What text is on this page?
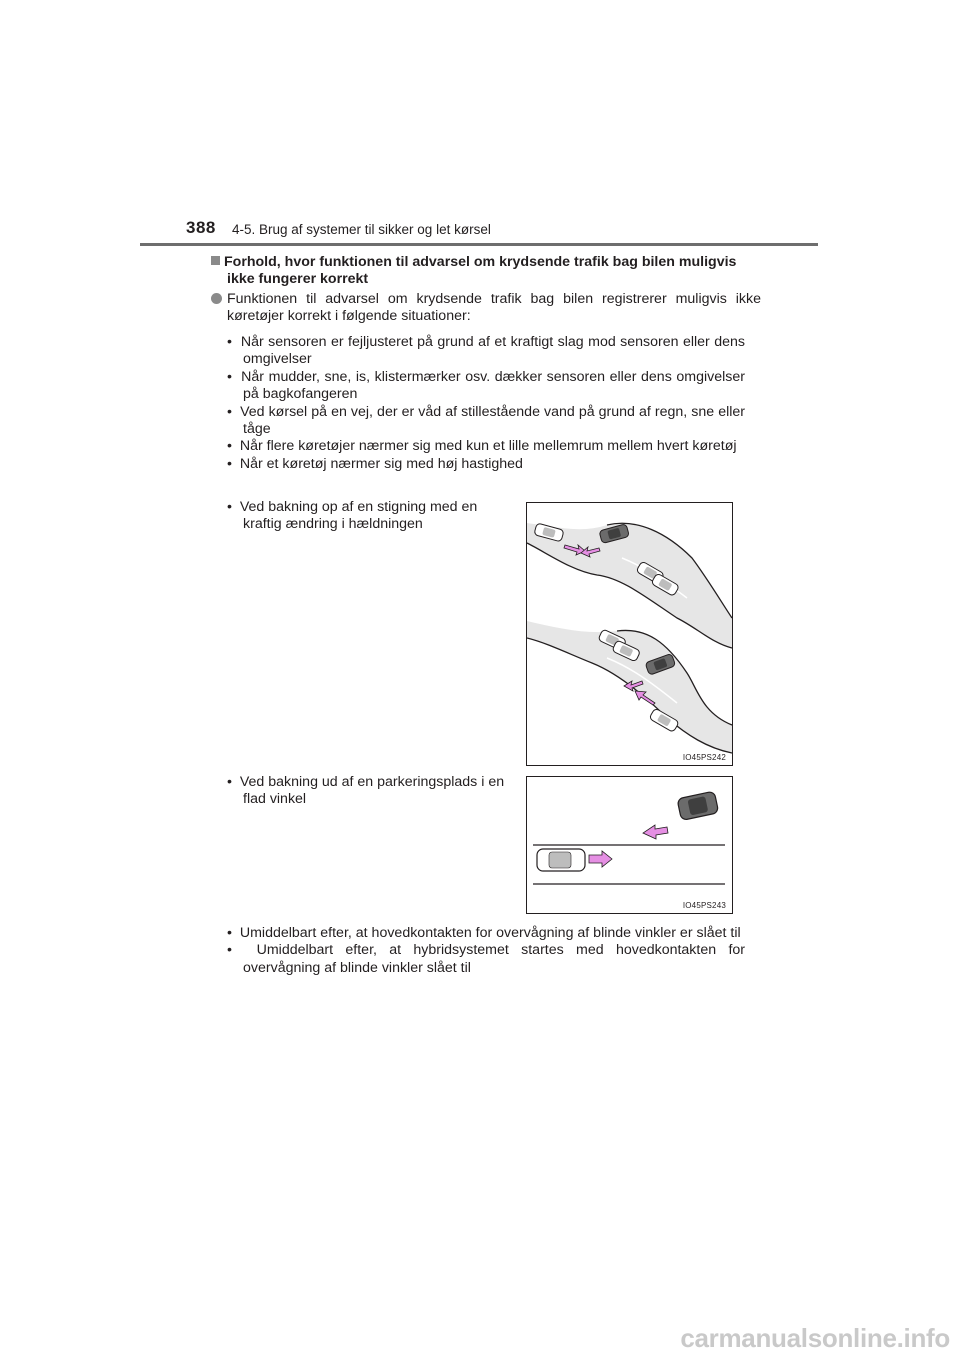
388 4-5. Brug af systemer til sikker og let kørsel
Forhold, hvor funktionen til advarsel om krydsende trafik bag bilen muligvis ikke fungerer korrekt
Funktionen til advarsel om krydsende trafik bag bilen registrerer muligvis ikke køretøjer korrekt i følgende situationer:
•  Når sensoren er fejljusteret på grund af et kraftigt slag mod sensoren eller dens omgivelser
•  Når mudder, sne, is, klistermærker osv. dækker sensoren eller dens omgivelser på bagkofangeren
•  Ved kørsel på en vej, der er våd af stillestående vand på grund af regn, sne eller tåge
•  Når flere køretøjer nærmer sig med kun et lille mellemrum mellem hvert køretøj
•  Når et køretøj nærmer sig med høj hastighed
•  Ved bakning op af en stigning med en kraftig ændring i hældningen
IO45PS242
•  Ved bakning ud af en parkeringsplads i en flad vinkel
IO45PS243
•  Umiddelbart efter, at hovedkontakten for overvågning af blinde vinkler er slået til
•  Umiddelbart efter, at hybridsystemet startes med hovedkontakten for overvågning af blinde vinkler slået til
carmanualsonline.info
